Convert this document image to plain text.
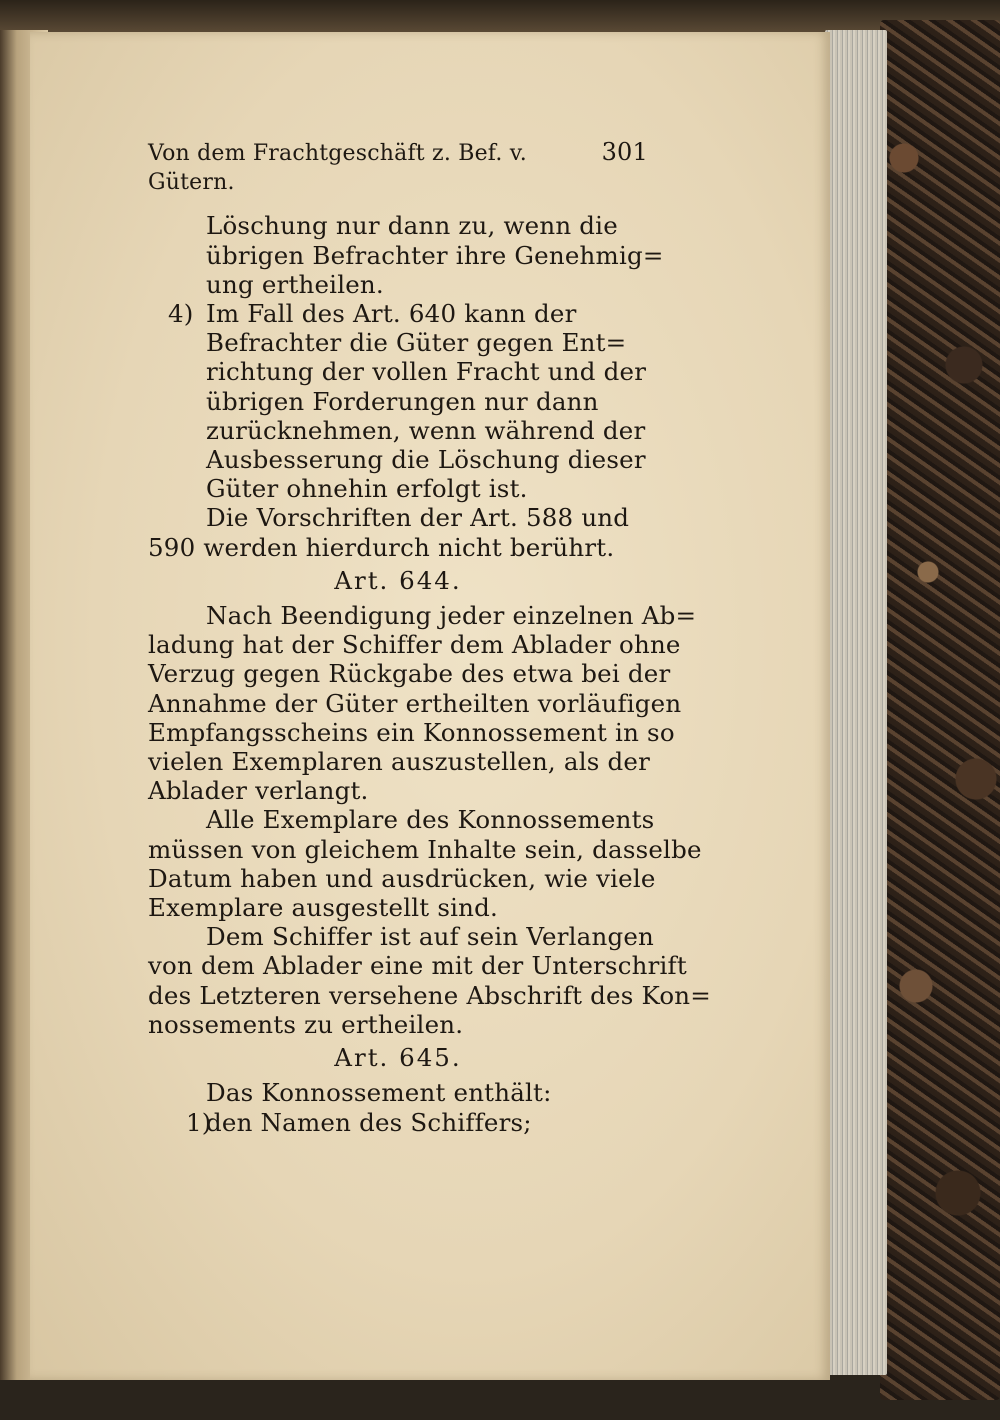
Von dem Frachtgeschäft z. Bef. v. Gütern.
301
Löschung nur dann zu, wenn die
übrigen Befrachter ihre Genehmig=
ung ertheilen.
4) Im Fall des Art. 640 kann der
Befrachter die Güter gegen Ent=
richtung der vollen Fracht und der
übrigen Forderungen nur dann
zurücknehmen, wenn während der
Ausbesserung die Löschung dieser
Güter ohnehin erfolgt ist.
Die Vorschriften der Art. 588 und
590 werden hierdurch nicht berührt.
Art. 644.
Nach Beendigung jeder einzelnen Ab=
ladung hat der Schiffer dem Ablader ohne
Verzug gegen Rückgabe des etwa bei der
Annahme der Güter ertheilten vorläufigen
Empfangsscheins ein Konnossement in so
vielen Exemplaren auszustellen, als der
Ablader verlangt.
Alle Exemplare des Konnossements
müssen von gleichem Inhalte sein, dasselbe
Datum haben und ausdrücken, wie viele
Exemplare ausgestellt sind.
Dem Schiffer ist auf sein Verlangen
von dem Ablader eine mit der Unterschrift
des Letzteren versehene Abschrift des Kon=
nossements zu ertheilen.
Art. 645.
Das Konnossement enthält:
1)
den Namen des Schiffers;
